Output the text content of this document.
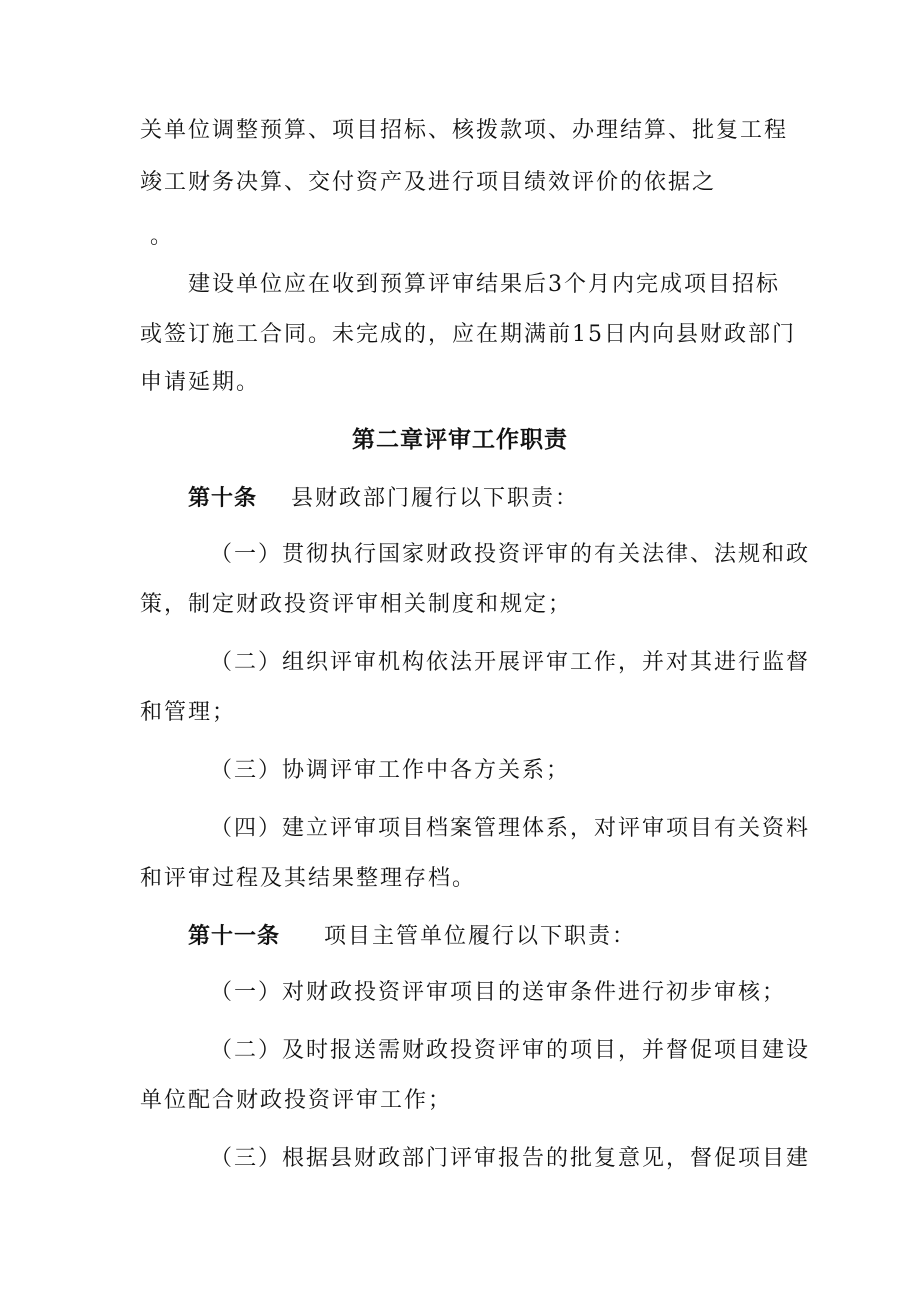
关单位调整预算、项目招标、核拨款项、办理结算、批复工程
竣工财务决算、交付资产及进行项目绩效评价的依据之
。
建设单位应在收到预算评审结果后3个月内完成项目招标
或签订施工合同。未完成的，应在期满前15日内向县财政部门
申请延期。
第二章评审工作职责
第十条 县财政部门履行以下职责：
（一）贯彻执行国家财政投资评审的有关法律、法规和政
策，制定财政投资评审相关制度和规定；
（二）组织评审机构依法开展评审工作，并对其进行监督
和管理；
（三）协调评审工作中各方关系；
（四）建立评审项目档案管理体系，对评审项目有关资料
和评审过程及其结果整理存档。
第十一条 项目主管单位履行以下职责：
（一）对财政投资评审项目的送审条件进行初步审核；
（二）及时报送需财政投资评审的项目，并督促项目建设
单位配合财政投资评审工作；
（三）根据县财政部门评审报告的批复意见，督促项目建
